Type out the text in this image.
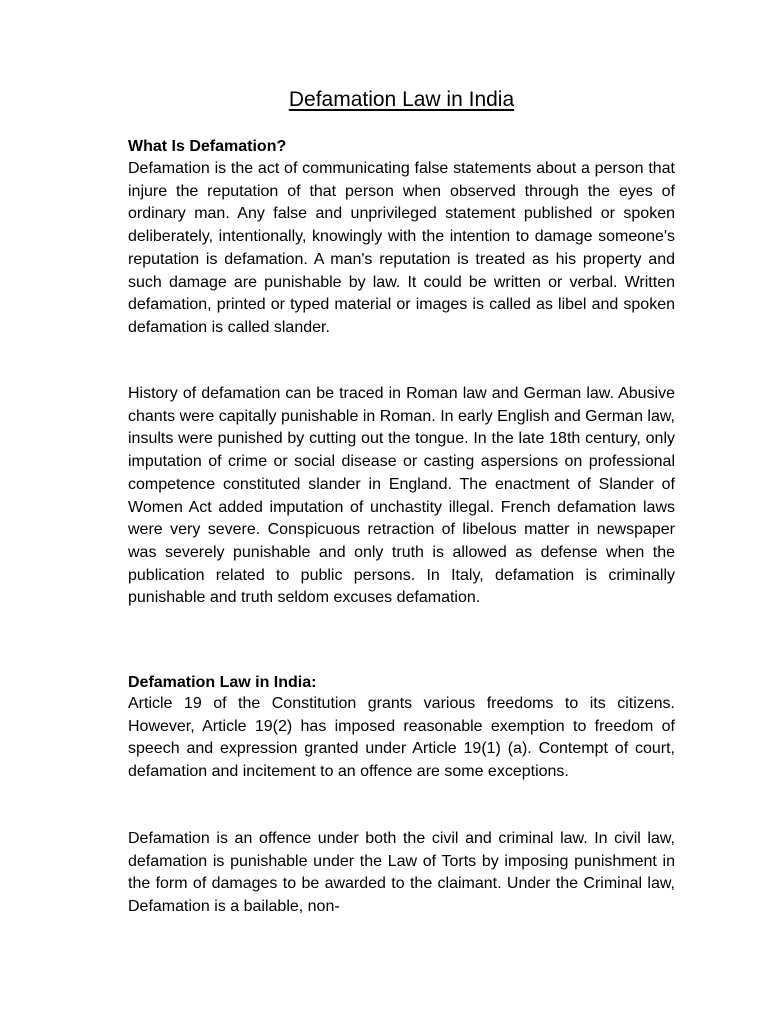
Defamation Law in India
What Is Defamation?

Defamation is the act of communicating false statements about a person that injure the reputation of that person when observed through the eyes of ordinary man. Any false and unprivileged statement published or spoken deliberately, intentionally, knowingly with the intention to damage someone's reputation is defamation. A man's reputation is treated as his property and such damage are punishable by law. It could be written or verbal. Written defamation, printed or typed material or images is called as libel and spoken defamation is called slander.

History of defamation can be traced in Roman law and German law. Abusive chants were capitally punishable in Roman. In early English and German law, insults were punished by cutting out the tongue. In the late 18th century, only imputation of crime or social disease or casting aspersions on professional competence constituted slander in England. The enactment of Slander of Women Act added imputation of unchastity illegal. French defamation laws were very severe. Conspicuous retraction of libelous matter in newspaper was severely punishable and only truth is allowed as defense when the publication related to public persons. In Italy, defamation is criminally punishable and truth seldom excuses defamation.

Defamation Law in India:

Article 19 of the Constitution grants various freedoms to its citizens. However, Article 19(2) has imposed reasonable exemption to freedom of speech and expression granted under Article 19(1) (a). Contempt of court, defamation and incitement to an offence are some exceptions.

Defamation is an offence under both the civil and criminal law. In civil law, defamation is punishable under the Law of Torts by imposing punishment in the form of damages to be awarded to the claimant. Under the Criminal law, Defamation is a bailable, non-
